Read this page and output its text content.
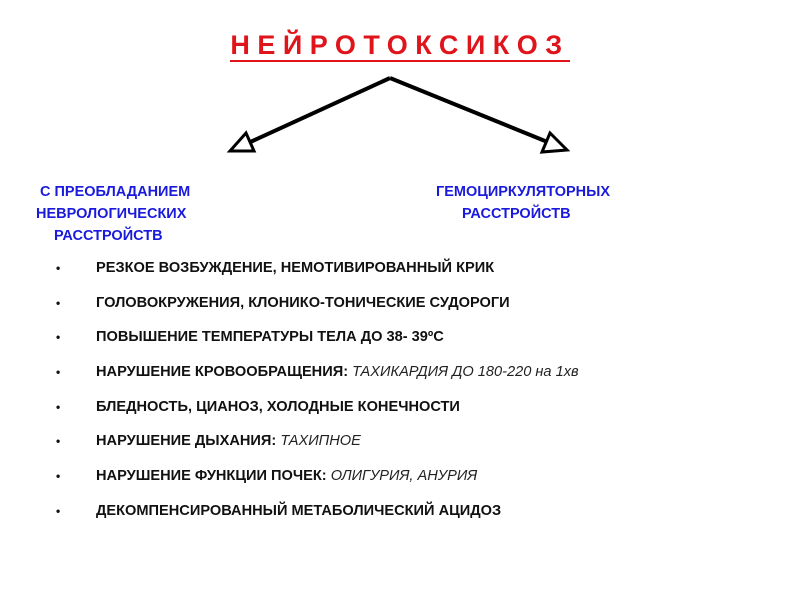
НЕЙРОТОКСИКОЗ
С ПРЕОБЛАДАНИЕМ
НЕВРОЛОГИЧЕСКИХ
РАССТРОЙСТВ
ГЕМОЦИРКУЛЯТОРНЫХ
РАССТРОЙСТВ
• РЕЗКОЕ ВОЗБУЖДЕНИЕ, НЕМОТИВИРОВАННЫЙ КРИК
• ГОЛОВОКРУЖЕНИЯ, КЛОНИКО-ТОНИЧЕСКИЕ СУДОРОГИ
• ПОВЫШЕНИЕ ТЕМПЕРАТУРЫ ТЕЛА ДО 38- 39ºС
• НАРУШЕНИЕ КРОВООБРАЩЕНИЯ: ТАХИКАРДИЯ ДО 180-220 на 1хв
• БЛЕДНОСТЬ, ЦИАНОЗ, ХОЛОДНЫЕ КОНЕЧНОСТИ
• НАРУШЕНИЕ ДЫХАНИЯ: ТАХИПНОЕ
• НАРУШЕНИЕ ФУНКЦИИ ПОЧЕК: ОЛИГУРИЯ, АНУРИЯ
• ДЕКОМПЕНСИРОВАННЫЙ МЕТАБОЛИЧЕСКИЙ АЦИДОЗ
